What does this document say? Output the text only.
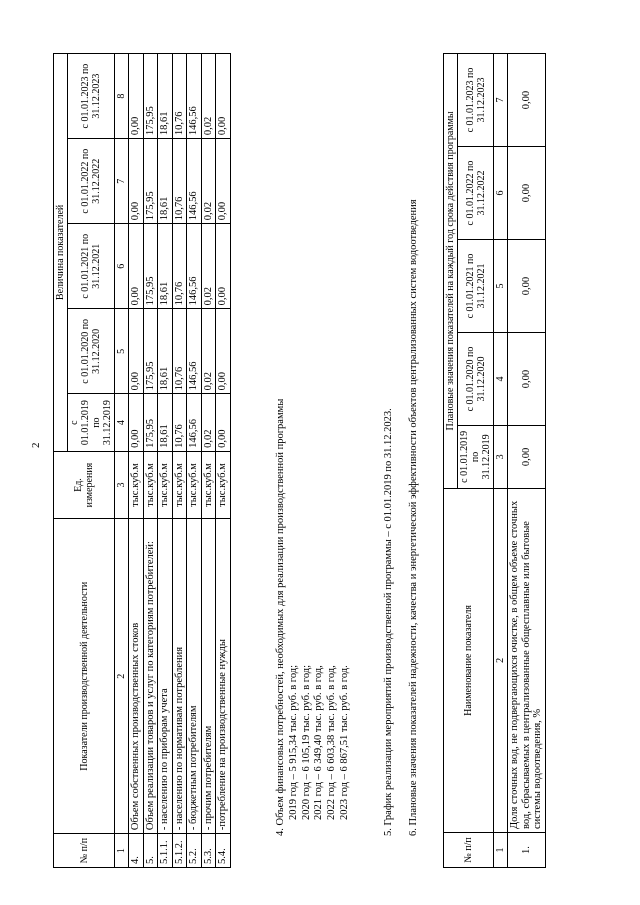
2
№ п/п	Показатели производственной деятельности	Ед. измерения	Величина показателей				
			с 01.01.2019 по 31.12.2019	с 01.01.2020 по 31.12.2020	с 01.01.2021 по 31.12.2021	с 01.01.2022 по 31.12.2022	с 01.01.2023 по 31.12.2023
1	2	3	4	5	6	7	8
4.	Объем собственных производственных стоков	тыс.куб.м	0,00	0,00	0,00	0,00	0,00
5.	Объем реализации товаров и услуг по категориям потребителей:	тыс.куб.м	175,95	175,95	175,95	175,95	175,95
5.1.1.	- населению по приборам учета	тыс.куб.м	18,61	18,61	18,61	18,61	18,61
5.1.2.	- населению по нормативам потребления	тыс.куб.м	10,76	10,76	10,76	10,76	10,76
5.2.	- бюджетным потребителям	тыс.куб.м	146,56	146,56	146,56	146,56	146,56
5.3.	- прочим потребителям	тыс.куб.м	0,02	0,02	0,02	0,02	0,02
5.4.	-потребление на производственные нужды	тыс.куб.м	0,00	0,00	0,00	0,00	0,00
4. Объем финансовых потребностей, необходимых для реализации производственной программы 2019 год – 5 915,34 тыс. руб. в год; 2020 год – 6 105,19 тыс. руб. в год; 2021 год – 6 349,40 тыс. руб. в год, 2022 год – 6 603,38 тыс. руб. в год, 2023 год – 6 867,51 тыс. руб. в год.	5. График реализации мероприятий производственной программы – с 01.01.2019 по 31.12.2023. 6. Плановые значения показателей надежности, качества и энергетической эффективности объектов централизованных систем водоотведения
№ п/п	Наименование показателя	Плановые значения показателей на каждый год срока действия программы				
		с 01.01.2019 по 31.12.2019	с 01.01.2020 по 31.12.2020	с 01.01.2021 по 31.12.2021	с 01.01.2022 по 31.12.2022	с 01.01.2023 по 31.12.2023
1	2	3	4	5	6	7
1.	Доля сточных вод, не подвергающихся очистке, в общем объеме сточных вод, сбрасываемых в централизованные общесплавные или бытовые системы водоотведения, %	0,00	0,00	0,00	0,00	0,00
